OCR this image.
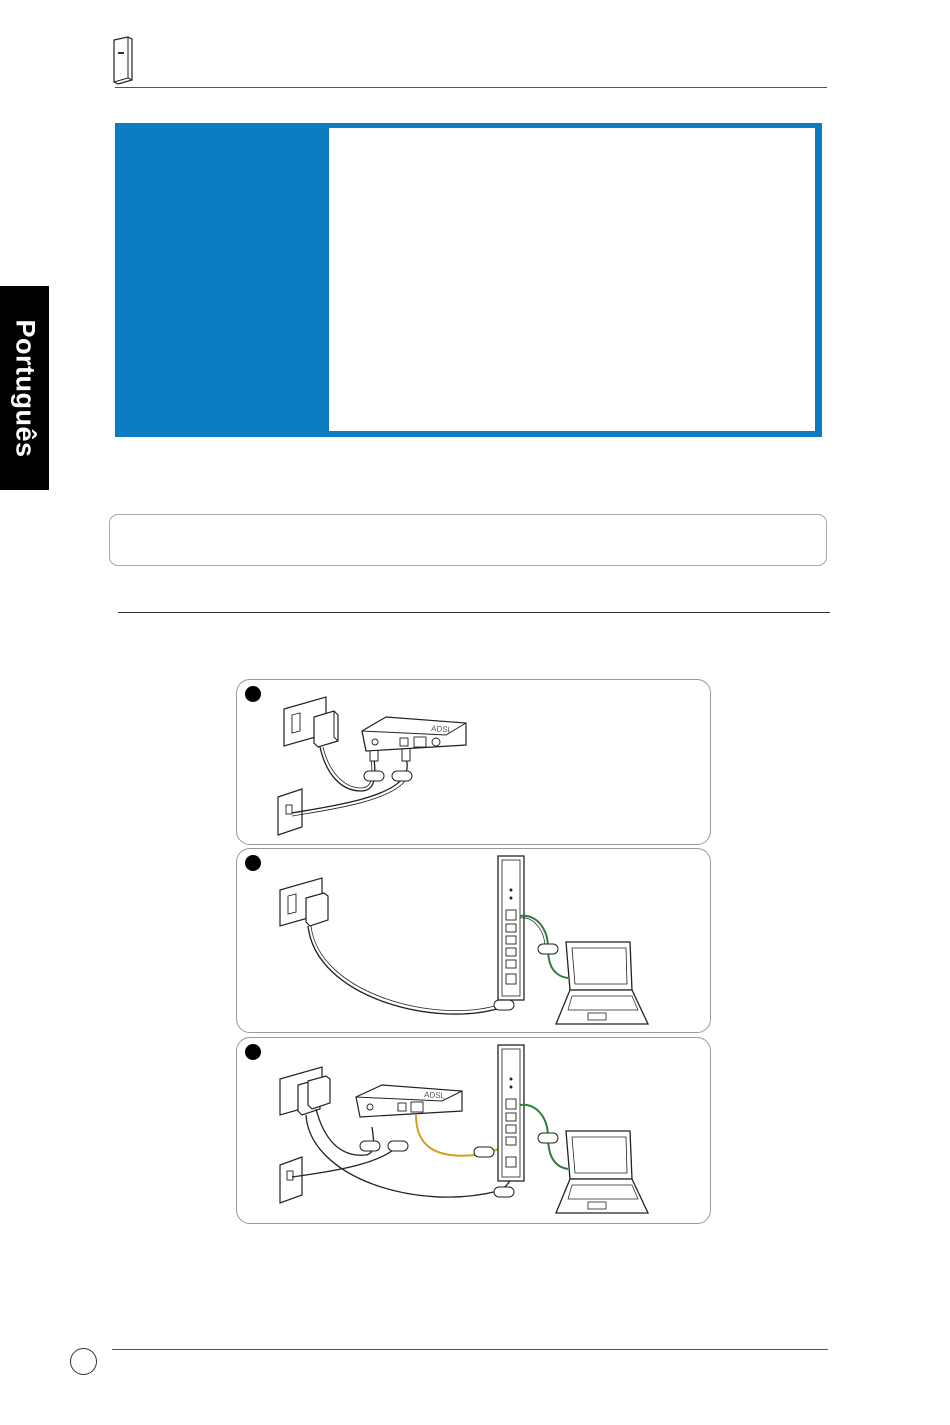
Português
ADSL
ADSL
